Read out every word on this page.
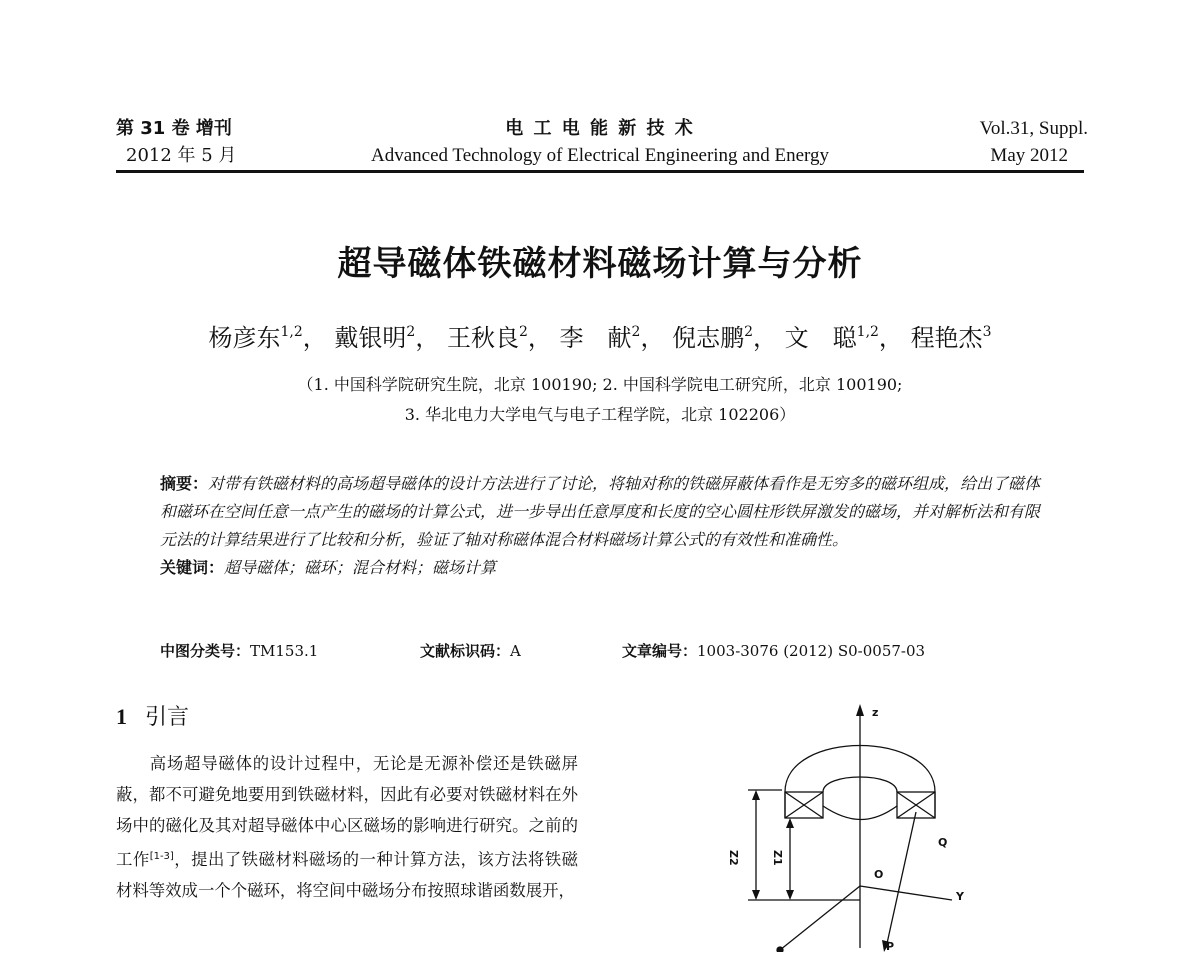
第 31 卷 增刊
2012 年 5 月
电 工 电 能 新 技 术
Advanced Technology of Electrical Engineering and Energy
Vol.31, Suppl.
May 2012
超导磁体铁磁材料磁场计算与分析
杨彦东$^{1,2}$， 戴银明$^2$， 王秋良$^2$， 李　献$^2$， 倪志鹏$^2$， 文　聪$^{1,2}$， 程艳杰$^3$
（1. 中国科学院研究生院，北京 100190; 2. 中国科学院电工研究所，北京 100190;
3. 华北电力大学电气与电子工程学院，北京 102206）
摘要：对带有铁磁材料的高场超导磁体的设计方法进行了讨论，将轴对称的铁磁屏蔽体看作是无穷多的磁环组成，给出了磁体和磁环在空间任意一点产生的磁场的计算公式，进一步导出任意厚度和长度的空心圆柱形铁屏激发的磁场，并对解析法和有限元法的计算结果进行了比较和分析，验证了轴对称磁体混合材料磁场计算公式的有效性和准确性。
关键词：超导磁体；磁环；混合材料；磁场计算
中图分类号：TM153.1	文献标识码：A	文章编号：1003-3076 (2012) S0-0057-03
1 引言
高场超导磁体的设计过程中，无论是无源补偿还是铁磁屏蔽，都不可避免地要用到铁磁材料，因此有必要对铁磁材料在外场中的磁化及其对超导磁体中心区磁场的影响进行研究。之前的工作[1-3]，提出了铁磁材料磁场的一种计算方法，该方法将铁磁材料等效成一个个磁环，将空间中磁场分布按照球谐函数展开，
z
Q
O
Y
P
Z2	Z1
